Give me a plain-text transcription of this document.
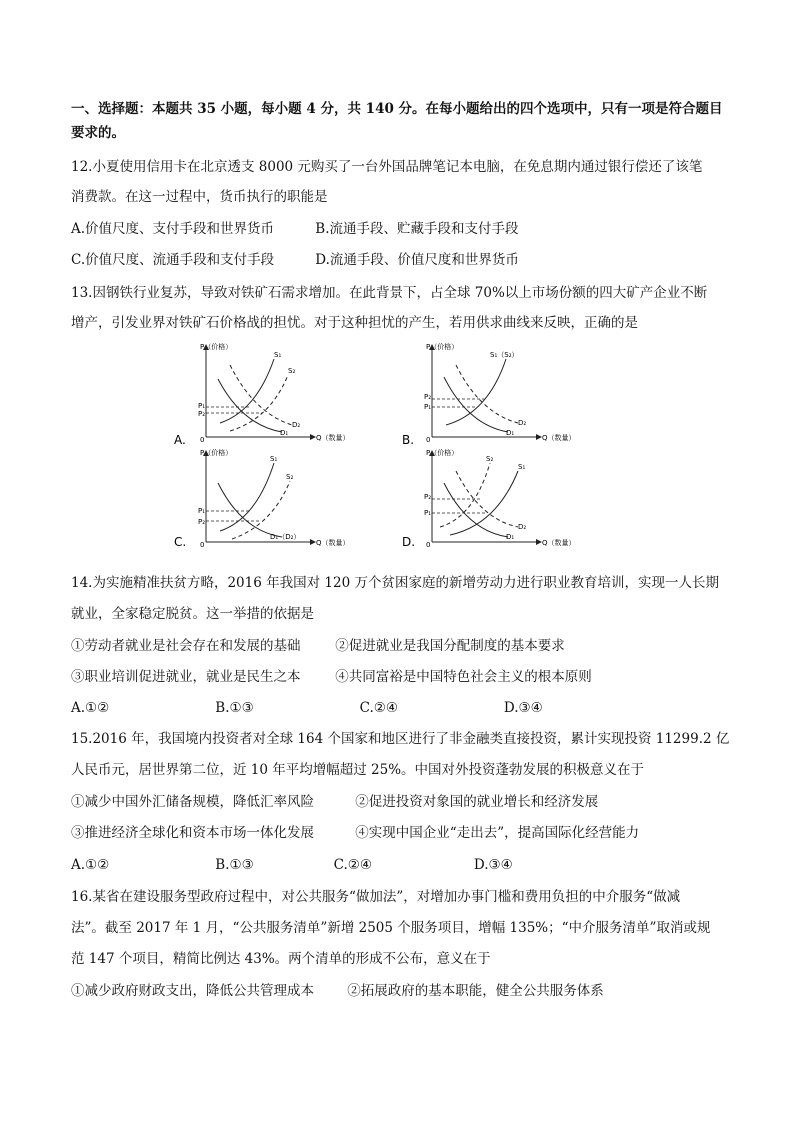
一、选择题：本题共 35 小题，每小题 4 分，共 140 分。在每小题给出的四个选项中，只有一项是符合题目
要求的。
12.小夏使用信用卡在北京透支 8000 元购买了一台外国品牌笔记本电脑，在免息期内通过银行偿还了该笔
消费款。在这一过程中，货币执行的职能是
A.价值尺度、支付手段和世界货币	B.流通手段、贮藏手段和支付手段
C.价值尺度、流通手段和支付手段	D.流通手段、价值尺度和世界货币
13.因钢铁行业复苏，导致对铁矿石需求增加。在此背景下，占全球 70%以上市场份额的四大矿产企业不断
增产，引发业界对铁矿石价格战的担忧。对于这种担忧的产生，若用供求曲线来反映，正确的是
A.
P（价格）
Q（数量）
0
P₁
P₂
S₁
S₂
D₂
D₁	B.
P（价格）
Q（数量）
0
P₂
P₁
S₁（S₂）
D₂
D₁
C.
P（价格）
Q（数量）
0
P₁
P₂
S₁
S₂
D₁（D₂）	D.
P（价格）
Q（数量）
0
P₂
P₁
S₂
S₁
D₂
D₁
14.为实施精准扶贫方略，2016 年我国对 120 万个贫困家庭的新增劳动力进行职业教育培训，实现一人长期
就业，全家稳定脱贫。这一举措的依据是
①劳动者就业是社会存在和发展的基础	②促进就业是我国分配制度的基本要求
③职业培训促进就业，就业是民生之本	④共同富裕是中国特色社会主义的根本原则
A.①②	B.①③	C.②④	D.③④
15.2016 年，我国境内投资者对全球 164 个国家和地区进行了非金融类直接投资，累计实现投资 11299.2 亿
人民币元，居世界第二位，近 10 年平均增幅超过 25%。中国对外投资蓬勃发展的积极意义在于
①减少中国外汇储备规模，降低汇率风险	②促进投资对象国的就业增长和经济发展
③推进经济全球化和资本市场一体化发展	④实现中国企业“走出去”，提高国际化经营能力
A.①②	B.①③	C.②④	D.③④
16.某省在建设服务型政府过程中，对公共服务“做加法”，对增加办事门槛和费用负担的中介服务“做减
法”。截至 2017 年 1 月，“公共服务清单”新增 2505 个服务项目，增幅 135%；“中介服务清单”取消或规
范 147 个项目，精简比例达 43%。两个清单的形成不公布，意义在于
①减少政府财政支出，降低公共管理成本 ②拓展政府的基本职能，健全公共服务体系
